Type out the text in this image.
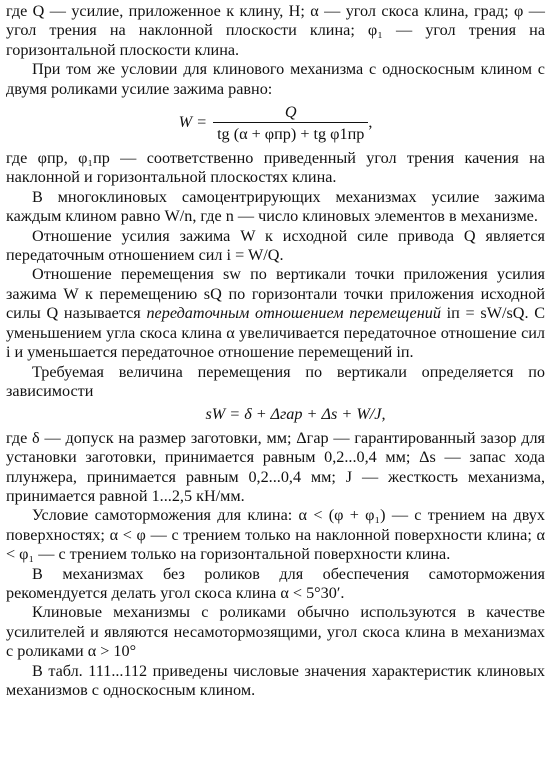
где Q — усилие, приложенное к клину, Н; α — угол скоса клина, град; φ — угол трения на наклонной плоскости клина; φ₁ — угол трения на горизонтальной плоскости клина.

При том же условии для клинового механизма с односкосным клином с двумя роликами усилие зажима равно:

$W = \frac{Q}{\text{tg (α + φпр) + tg φ1пр}}$ ,

где φпр, φ₁пр — соответственно приведенный угол трения качения на наклонной и горизонтальной плоскостях клина.

В многоклиновых самоцентрирующих механизмах усилие зажима каждым клином равно W/n, где n — число клиновых элементов в механизме.

Отношение усилия зажима W к исходной силе привода Q является передаточным отношением сил i = W/Q.

Отношение перемещения sw по вертикали точки приложения усилия зажима W к перемещению sQ по горизонтали точки приложения исходной силы Q называется передаточным отношением перемещений iп = sW/sQ. С уменьшением угла скоса клина α увеличивается передаточное отношение сил i и уменьшается передаточное отношение перемещений iп.

Требуемая величина перемещения по вертикали определяется по зависимости

sW = δ + Δгар + Δs + W/J,

где δ — допуск на размер заготовки, мм; Δгар — гарантированный зазор для установки заготовки, принимается равным 0,2...0,4 мм; Δs — запас хода плунжера, принимается равным 0,2...0,4 мм; J — жесткость механизма, принимается равной 1...2,5 кН/мм.

Условие самоторможения для клина: α < (φ + φ₁) — с трением на двух поверхностях; α < φ — с трением только на наклонной поверхности клина; α < φ₁ — с трением только на горизонтальной поверхности клина.

В механизмах без роликов для обеспечения самоторможения рекомендуется делать угол скоса клина α < 5°30′.

Клиновые механизмы с роликами обычно используются в качестве усилителей и являются несамотормозящими, угол скоса клина в механизмах с роликами α > 10°

В табл. 111...112 приведены числовые значения характеристик клиновых механизмов с односкосным клином.
